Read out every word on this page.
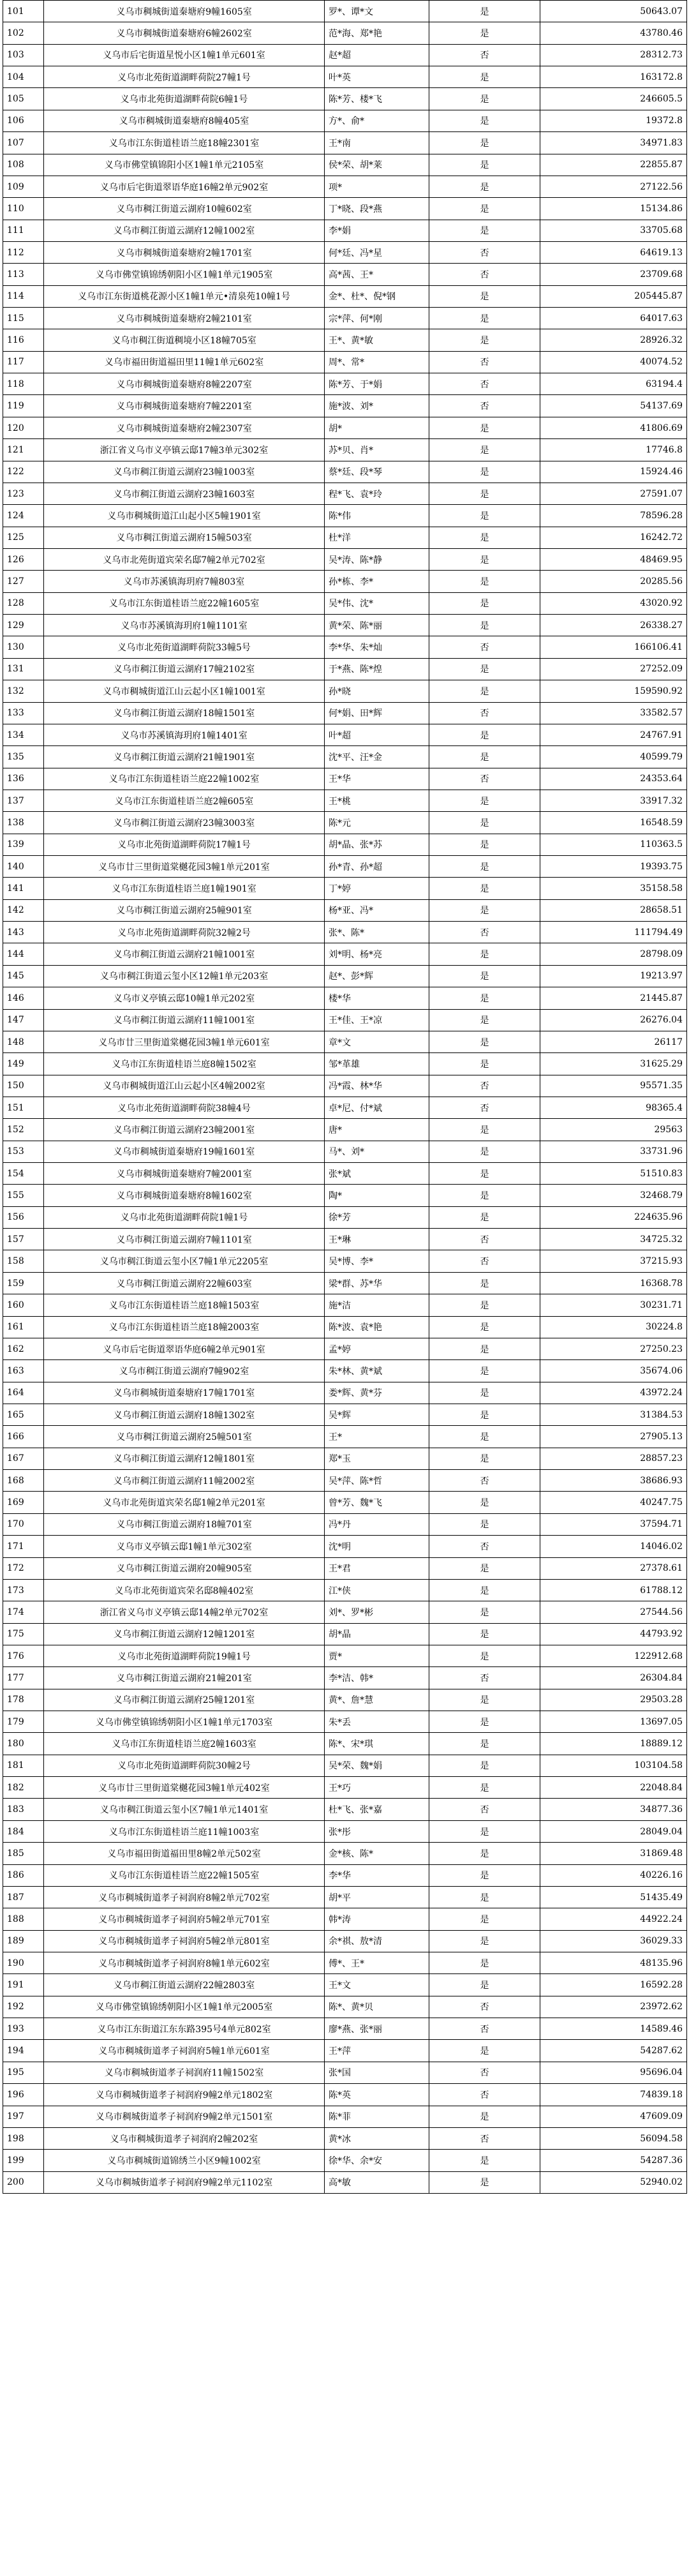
101	义乌市稠城街道秦塘府9幢1605室	罗*、谭*文	是	50643.07
102	义乌市稠城街道秦塘府6幢2602室	范*海、郑*艳	是	43780.46
103	义乌市后宅街道星悦小区1幢1单元601室	赵*超	否	28312.73
104	义乌市北苑街道湖畔荷院27幢1号	叶*英	是	163172.8
105	义乌市北苑街道湖畔荷院6幢1号	陈*芳、楼*飞	是	246605.5
106	义乌市稠城街道秦塘府8幢405室	方*、俞*	是	19372.8
107	义乌市江东街道桂语兰庭18幢2301室	王*南	是	34971.83
108	义乌市佛堂镇锦阳小区1幢1单元2105室	侯*荣、胡*莱	是	22855.87
109	义乌市后宅街道翠语华庭16幢2单元902室	项*	是	27122.56
110	义乌市稠江街道云湖府10幢602室	丁*晓、段*燕	是	15134.86
111	义乌市稠江街道云湖府12幢1002室	李*娟	是	33705.68
112	义乌市稠城街道秦塘府2幢1701室	何*廷、冯*星	否	64619.13
113	义乌市佛堂镇锦绣朝阳小区1幢1单元1905室	高*茜、王*	否	23709.68
114	义乌市江东街道桃花源小区1幢1单元•清泉苑10幢1号	金*、杜*、倪*钢	是	205445.87
115	义乌市稠城街道秦塘府2幢2101室	宗*萍、何*刚	是	64017.63
116	义乌市稠江街道稠境小区18幢705室	王*、黄*敏	是	28926.32
117	义乌市福田街道福田里11幢1单元602室	周*、常*	否	40074.52
118	义乌市稠城街道秦塘府8幢2207室	陈*芳、于*娟	否	63194.4
119	义乌市稠城街道秦塘府7幢2201室	施*波、刘*	否	54137.69
120	义乌市稠城街道秦塘府2幢2307室	胡*	是	41806.69
121	浙江省义乌市义亭镇云邸17幢3单元302室	苏*贝、肖*	是	17746.8
122	义乌市稠江街道云湖府23幢1003室	蔡*廷、段*琴	是	15924.46
123	义乌市稠江街道云湖府23幢1603室	程*飞、袁*玲	是	27591.07
124	义乌市稠城街道江山起小区5幢1901室	陈*伟	是	78596.28
125	义乌市稠江街道云湖府15幢503室	杜*洋	是	16242.72
126	义乌市北苑街道宾荣名邸7幢2单元702室	吴*涛、陈*静	是	48469.95
127	义乌市苏溪镇海玥府7幢803室	孙*栋、李*	是	20285.56
128	义乌市江东街道桂语兰庭22幢1605室	吴*伟、沈*	是	43020.92
129	义乌市苏溪镇海玥府1幢1101室	黄*荣、陈*丽	是	26338.27
130	义乌市北苑街道湖畔荷院33幢5号	李*华、朱*灿	否	166106.41
131	义乌市稠江街道云湖府17幢2102室	于*燕、陈*煌	是	27252.09
132	义乌市稠城街道江山云起小区1幢1001室	孙*晓	是	159590.92
133	义乌市稠江街道云湖府18幢1501室	何*娟、田*辉	否	33582.57
134	义乌市苏溪镇海玥府1幢1401室	叶*超	是	24767.91
135	义乌市稠江街道云湖府21幢1901室	沈*平、汪*金	是	40599.79
136	义乌市江东街道桂语兰庭22幢1002室	王*华	否	24353.64
137	义乌市江东街道桂语兰庭2幢605室	王*桃	是	33917.32
138	义乌市稠江街道云湖府23幢3003室	陈*元	是	16548.59
139	义乌市北苑街道湖畔荷院17幢1号	胡*晶、张*苏	是	110363.5
140	义乌市廿三里街道棠樾花园3幢1单元201室	孙*青、孙*超	是	19393.75
141	义乌市江东街道桂语兰庭1幢1901室	丁*婷	是	35158.58
142	义乌市稠江街道云湖府25幢901室	杨*亚、冯*	是	28658.51
143	义乌市北苑街道湖畔荷院32幢2号	张*、陈*	否	111794.49
144	义乌市稠江街道云湖府21幢1001室	刘*明、杨*亮	是	28798.09
145	义乌市稠江街道云玺小区12幢1单元203室	赵*、彭*辉	是	19213.97
146	义乌市义亭镇云邸10幢1单元202室	楼*华	是	21445.87
147	义乌市稠江街道云湖府11幢1001室	王*佳、王*凉	是	26276.04
148	义乌市廿三里街道棠樾花园3幢1单元601室	章*文	是	26117
149	义乌市江东街道桂语兰庭8幢1502室	邹*革雄	是	31625.29
150	义乌市稠城街道江山云起小区4幢2002室	冯*霞、林*华	否	95571.35
151	义乌市北苑街道湖畔荷院38幢4号	卓*尼、付*斌	否	98365.4
152	义乌市稠江街道云湖府23幢2001室	唐*	是	29563
153	义乌市稠城街道秦塘府19幢1601室	马*、刘*	是	33731.96
154	义乌市稠城街道秦塘府7幢2001室	张*斌	是	51510.83
155	义乌市稠城街道秦塘府8幢1602室	陶*	是	32468.79
156	义乌市北苑街道湖畔荷院1幢1号	徐*芳	是	224635.96
157	义乌市稠江街道云湖府7幢1101室	王*琳	否	34725.32
158	义乌市稠江街道云玺小区7幢1单元2205室	吴*博、李*	否	37215.93
159	义乌市稠江街道云湖府22幢603室	梁*群、苏*华	是	16368.78
160	义乌市江东街道桂语兰庭18幢1503室	施*洁	是	30231.71
161	义乌市江东街道桂语兰庭18幢2003室	陈*波、袁*艳	是	30224.8
162	义乌市后宅街道翠语华庭6幢2单元901室	孟*婷	是	27250.23
163	义乌市稠江街道云湖府7幢902室	朱*林、黄*斌	是	35674.06
164	义乌市稠城街道秦塘府17幢1701室	娄*辉、黄*芬	是	43972.24
165	义乌市稠江街道云湖府18幢1302室	吴*辉	是	31384.53
166	义乌市稠江街道云湖府25幢501室	王*	是	27905.13
167	义乌市稠江街道云湖府12幢1801室	郑*玉	是	28857.23
168	义乌市稠江街道云湖府11幢2002室	吴*萍、陈*哲	否	38686.93
169	义乌市北苑街道宾荣名邸1幢2单元201室	曾*芳、魏*飞	是	40247.75
170	义乌市稠江街道云湖府18幢701室	冯*丹	是	37594.71
171	义乌市义亭镇云邸1幢1单元302室	沈*明	否	14046.02
172	义乌市稠江街道云湖府20幢905室	王*君	是	27378.61
173	义乌市北苑街道宾荣名邸8幢402室	江*侠	是	61788.12
174	浙江省义乌市义亭镇云邸14幢2单元702室	刘*、罗*彬	是	27544.56
175	义乌市稠江街道云湖府12幢1201室	胡*晶	是	44793.92
176	义乌市北苑街道湖畔荷院19幢1号	贾*	是	122912.68
177	义乌市稠江街道云湖府21幢201室	李*洁、韩*	否	26304.84
178	义乌市稠江街道云湖府25幢1201室	黄*、詹*慧	是	29503.28
179	义乌市佛堂镇锦绣朝阳小区1幢1单元1703室	朱*丢	是	13697.05
180	义乌市江东街道桂语兰庭2幢1603室	陈*、宋*琪	是	18889.12
181	义乌市北苑街道湖畔荷院30幢2号	吴*荣、魏*娟	是	103104.58
182	义乌市廿三里街道棠樾花园3幢1单元402室	王*巧	是	22048.84
183	义乌市稠江街道云玺小区7幢1单元1401室	杜*飞、张*嘉	否	34877.36
184	义乌市江东街道桂语兰庭11幢1003室	张*彤	是	28049.04
185	义乌市福田街道福田里8幢2单元502室	金*核、陈*	是	31869.48
186	义乌市江东街道桂语兰庭22幢1505室	李*华	是	40226.16
187	义乌市稠城街道孝子祠润府8幢2单元702室	胡*平	是	51435.49
188	义乌市稠城街道孝子祠润府5幢2单元701室	韩*涛	是	44922.24
189	义乌市稠城街道孝子祠润府5幢2单元801室	余*祺、敖*清	是	36029.33
190	义乌市稠城街道孝子祠润府8幢1单元602室	傅*、王*	是	48135.96
191	义乌市稠江街道云湖府22幢2803室	王*文	是	16592.28
192	义乌市佛堂镇锦绣朝阳小区1幢1单元2005室	陈*、黄*贝	否	23972.62
193	义乌市江东街道江东东路395号4单元802室	廖*燕、张*丽	否	14589.46
194	义乌市稠城街道孝子祠润府5幢1单元601室	王*萍	是	54287.62
195	义乌市稠城街道孝子祠润府11幢1502室	张*国	否	95696.04
196	义乌市稠城街道孝子祠润府9幢2单元1802室	陈*英	否	74839.18
197	义乌市稠城街道孝子祠润府9幢2单元1501室	陈*菲	是	47609.09
198	义乌市稠城街道孝子祠润府2幢202室	黄*冰	否	56094.58
199	义乌市稠城街道锦绣兰小区9幢1002室	徐*华、余*安	是	54287.36
200	义乌市稠城街道孝子祠润府9幢2单元1102室	高*敏	是	52940.02
